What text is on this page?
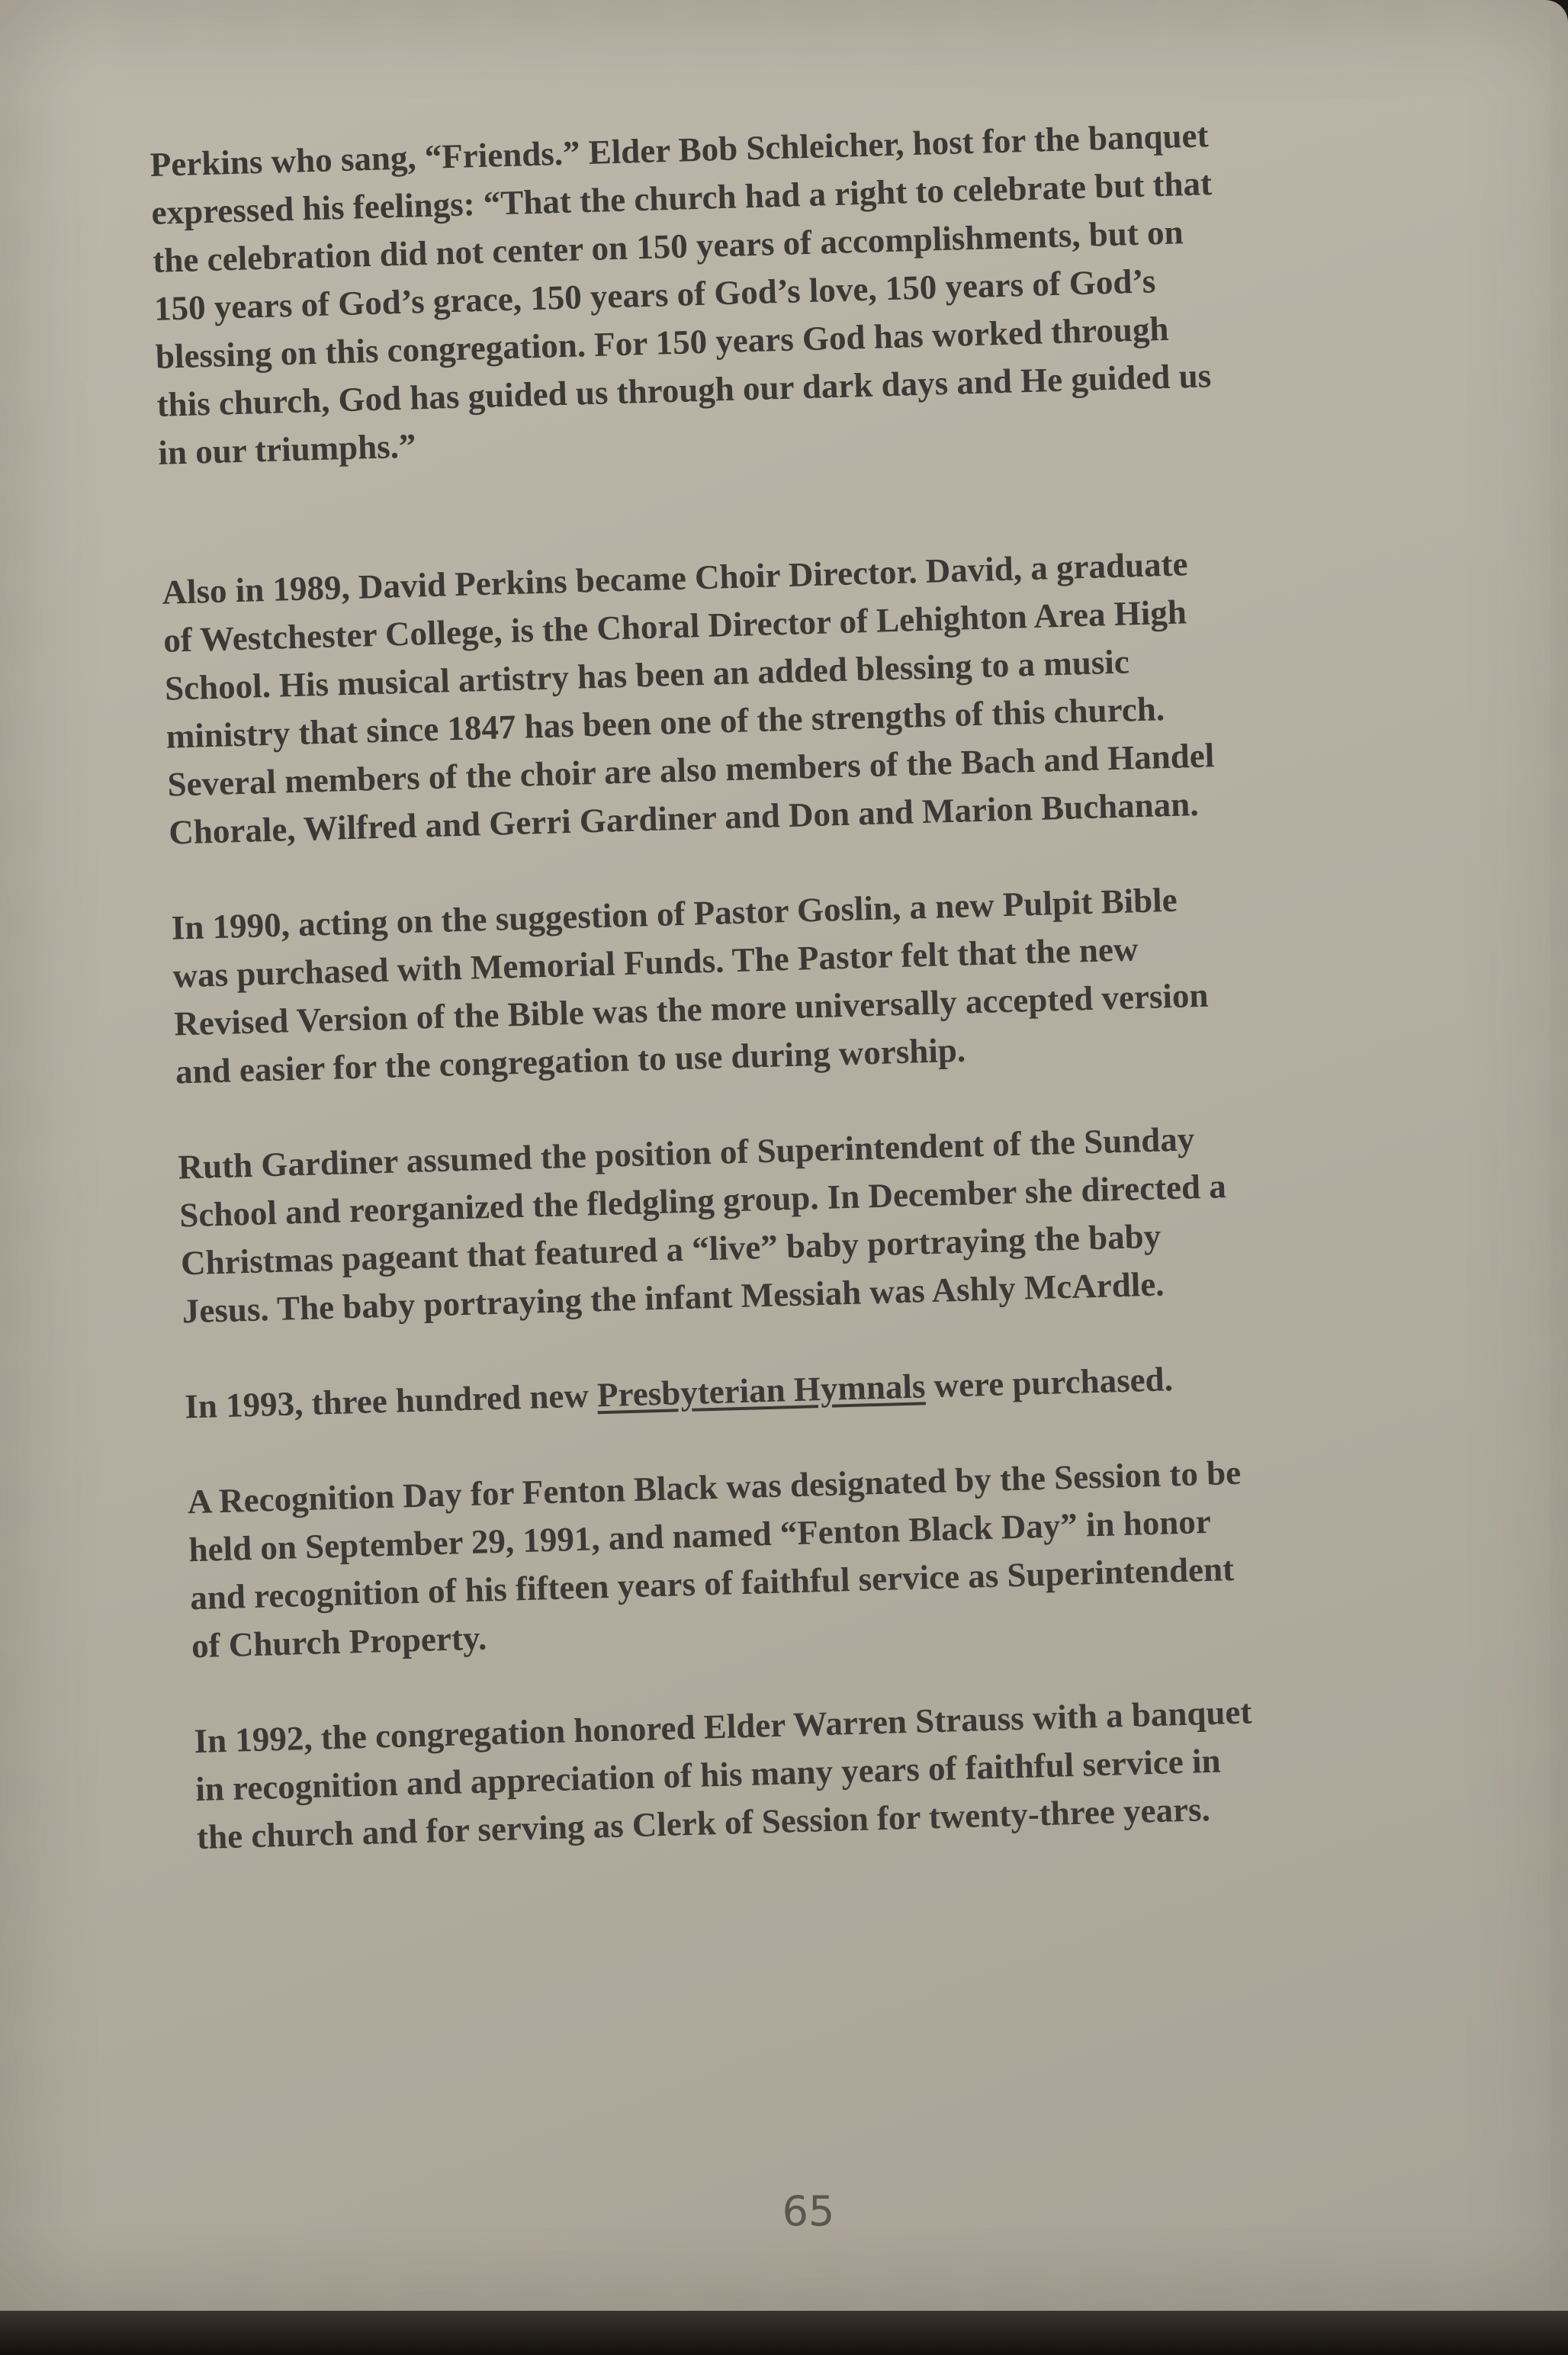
Perkins who sang, “Friends.” Elder Bob Schleicher, host for the banquet
expressed his feelings: “That the church had a right to celebrate but that
the celebration did not center on 150 years of accomplishments, but on
150 years of God’s grace, 150 years of God’s love, 150 years of God’s
blessing on this congregation. For 150 years God has worked through
this church, God has guided us through our dark days and He guided us
in our triumphs.”
Also in 1989, David Perkins became Choir Director. David, a graduate
of Westchester College, is the Choral Director of Lehighton Area High
School. His musical artistry has been an added blessing to a music
ministry that since 1847 has been one of the strengths of this church.
Several members of the choir are also members of the Bach and Handel
Chorale, Wilfred and Gerri Gardiner and Don and Marion Buchanan.
In 1990, acting on the suggestion of Pastor Goslin, a new Pulpit Bible
was purchased with Memorial Funds. The Pastor felt that the new
Revised Version of the Bible was the more universally accepted version
and easier for the congregation to use during worship.
Ruth Gardiner assumed the position of Superintendent of the Sunday
School and reorganized the fledgling group. In December she directed a
Christmas pageant that featured a “live” baby portraying the baby
Jesus. The baby portraying the infant Messiah was Ashly McArdle.
In 1993, three hundred new Presbyterian Hymnals were purchased.
A Recognition Day for Fenton Black was designated by the Session to be
held on September 29, 1991, and named “Fenton Black Day” in honor
and recognition of his fifteen years of faithful service as Superintendent
of Church Property.
In 1992, the congregation honored Elder Warren Strauss with a banquet
in recognition and appreciation of his many years of faithful service in
the church and for serving as Clerk of Session for twenty-three years.
65
